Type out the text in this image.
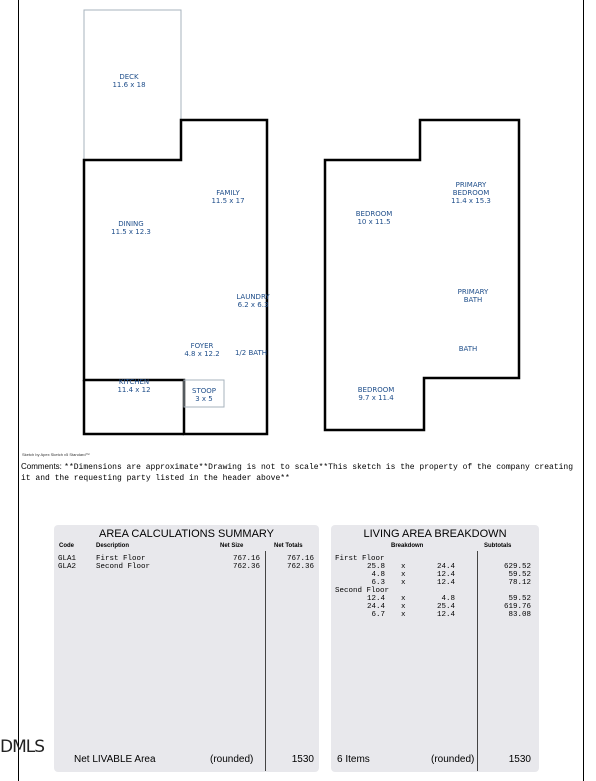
DECK
11.6 x 18
FAMILY
11.5 x 17
DINING
11.5 x 12.3
LAUNDRY
6.2 x 6.3
FOYER
4.8 x 12.2	1/2 BATH
KITCHEN
11.4 x 12	STOOP
3 x 5
PRIMARY
BEDROOM
11.4 x 15.3
BEDROOM
10 x 11.5
PRIMARY
BATH
BATH
BEDROOM
9.7 x 11.4
Sketch by Apex Sketch v5 Standard™
Comments: **Dimensions are approximate**Drawing is not to scale**This sketch is the property of the company creating it and the requesting party listed in the header above**
AREA CALCULATIONS SUMMARY
Code	Description	Net Size	Net Totals
GLA1	First Floor	767.16	767.16
GLA2	Second Floor	762.36	762.36
Net LIVABLE Area	(rounded)	1530
LIVING AREA BREAKDOWN
Breakdown	Subtotals
First Floor
25.8 x	24.4	629.52
4.8 x	12.4	59.52
6.3 x	12.4	78.12
Second Floor
12.4 x	4.8	59.52
24.4 x	25.4	619.76
6.7 x	12.4	83.08
6 Items	(rounded)	1530
DMLS
